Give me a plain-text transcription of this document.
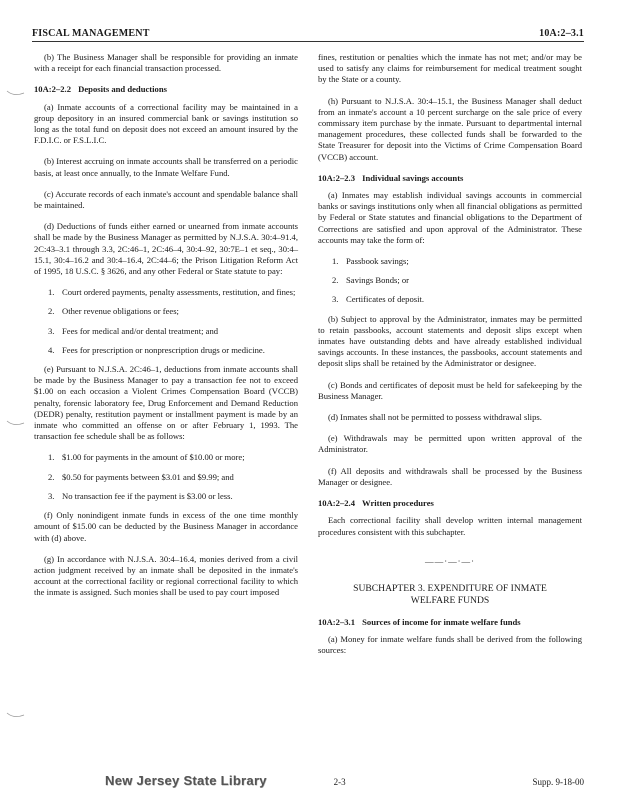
FISCAL MANAGEMENT	10A:2–3.1

(b) The Business Manager shall be responsible for providing an inmate with a receipt for each financial transaction processed.

10A:2–2.2 Deposits and deductions

(a) Inmate accounts of a correctional facility may be maintained in a group depository in an insured commercial bank or savings institution so long as the total fund on deposit does not exceed an amount insured by the F.D.I.C. or F.S.L.I.C.

(b) Interest accruing on inmate accounts shall be transferred on a periodic basis, at least once annually, to the Inmate Welfare Fund.

(c) Accurate records of each inmate's account and spendable balance shall be maintained.

(d) Deductions of funds either earned or unearned from inmate accounts shall be made by the Business Manager as permitted by N.J.S.A. 30:4–91.4, 2C:43–3.1 through 3.3, 2C:46–1, 2C:46–4, 30:4–92, 30:7E–1 et seq., 30:4–15.1, 30:4–16.2 and 30:4–16.4, 2C:44–6; the Prison Litigation Reform Act of 1995, 18 U.S.C. § 3626, and any other Federal or State statute to pay:

1. Court ordered payments, penalty assessments, restitution, and fines;
2. Other revenue obligations or fees;
3. Fees for medical and/or dental treatment; and
4. Fees for prescription or nonprescription drugs or medicine.

(e) Pursuant to N.J.S.A. 2C:46–1, deductions from inmate accounts shall be made by the Business Manager to pay a transaction fee not to exceed $1.00 on each occasion a Violent Crimes Compensation Board (VCCB) penalty, forensic laboratory fee, Drug Enforcement and Demand Reduction (DEDR) penalty, restitution payment or installment payment is made by an inmate who committed an offense on or after February 1, 1993. The transaction fee schedule shall be as follows:

1. $1.00 for payments in the amount of $10.00 or more;
2. $0.50 for payments between $3.01 and $9.99; and
3. No transaction fee if the payment is $3.00 or less.

(f) Only nonindigent inmate funds in excess of the one time monthly amount of $15.00 can be deducted by the Business Manager in accordance with (d) above.

(g) In accordance with N.J.S.A. 30:4–16.4, monies derived from a civil action judgment received by an inmate shall be deposited in the inmate's account at the correctional facility or regional correctional facility to which the inmate is assigned. Such monies shall be used to pay court imposed

fines, restitution or penalties which the inmate has not met; and/or may be used to satisfy any claims for reimbursement for medical treatment sought by the State or a county.

(h) Pursuant to N.J.S.A. 30:4–15.1, the Business Manager shall deduct from an inmate's account a 10 percent surcharge on the sale price of every commissary item purchase by the inmate. Pursuant to departmental internal management procedures, these collected funds shall be forwarded to the State Treasurer for deposit into the Victims of Crime Compensation Board (VCCB) account.

10A:2–2.3 Individual savings accounts

(a) Inmates may establish individual savings accounts in commercial banks or savings institutions only when all financial obligations as permitted by Federal or State statutes and financial obligations to the Department of Corrections are satisfied and upon approval of the Administrator. These accounts may take the form of:

1. Passbook savings;
2. Savings Bonds; or
3. Certificates of deposit.

(b) Subject to approval by the Administrator, inmates may be permitted to retain passbooks, account statements and deposit slips except when inmates have outstanding debts and have already established individual savings accounts. In these instances, the passbooks, account statements and deposit slips shall be retained by the Administrator or designee.

(c) Bonds and certificates of deposit must be held for safekeeping by the Business Manager.

(d) Inmates shall not be permitted to possess withdrawal slips.

(e) Withdrawals may be permitted upon written approval of the Administrator.

(f) All deposits and withdrawals shall be processed by the Business Manager or designee.

10A:2–2.4 Written procedures

Each correctional facility shall develop written internal management procedures consistent with this subchapter.

——·—·—·
SUBCHAPTER 3. EXPENDITURE OF INMATE
WELFARE FUNDS
10A:2–3.1 Sources of income for inmate welfare funds

(a) Money for inmate welfare funds shall be derived from the following sources:

New Jersey State Library	2-3	Supp. 9-18-00
